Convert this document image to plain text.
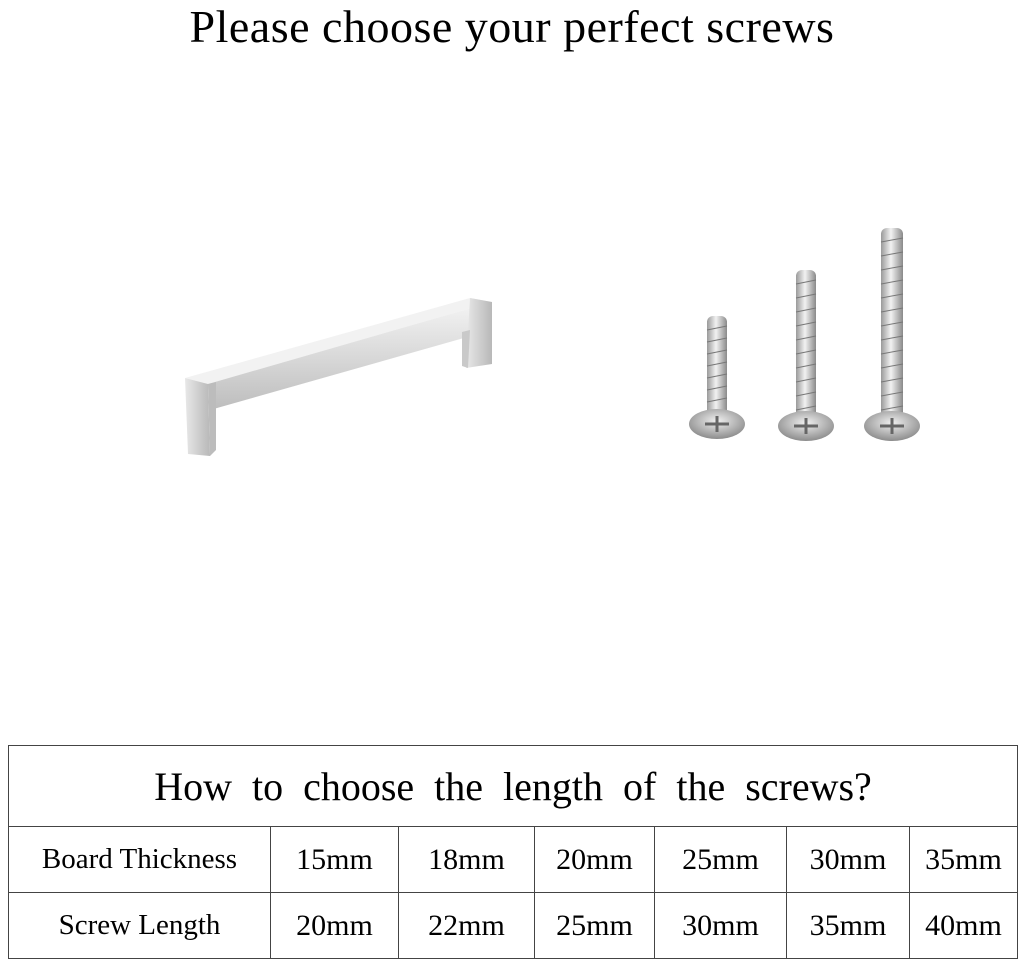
Please choose your perfect screws
How to choose the length of the screws?						
Board Thickness	15mm	18mm	20mm	25mm	30mm	35mm
Screw Length	20mm	22mm	25mm	30mm	35mm	40mm
